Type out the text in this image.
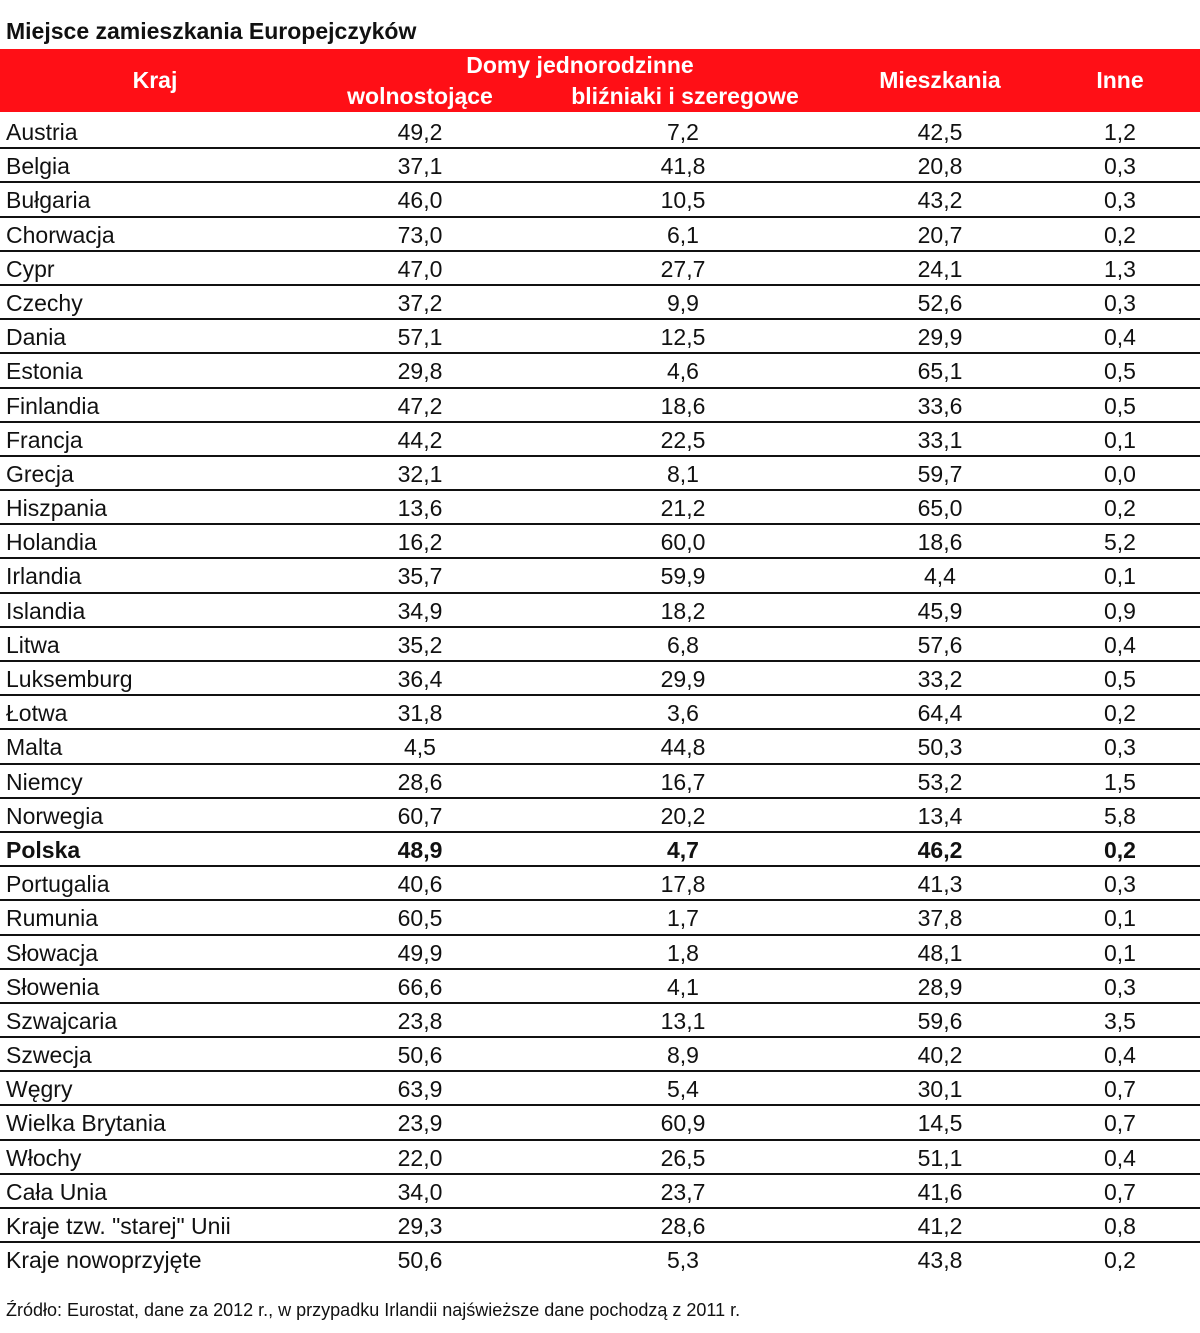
Miejsce zamieszkania Europejczyków
Kraj
Domy jednorodzinne
wolnostojące	bliźniaki i szeregowe
Mieszkania	Inne
Austria	49,2	7,2	42,5	1,2
Belgia	37,1	41,8	20,8	0,3
Bułgaria	46,0	10,5	43,2	0,3
Chorwacja	73,0	6,1	20,7	0,2
Cypr	47,0	27,7	24,1	1,3
Czechy	37,2	9,9	52,6	0,3
Dania	57,1	12,5	29,9	0,4
Estonia	29,8	4,6	65,1	0,5
Finlandia	47,2	18,6	33,6	0,5
Francja	44,2	22,5	33,1	0,1
Grecja	32,1	8,1	59,7	0,0
Hiszpania	13,6	21,2	65,0	0,2
Holandia	16,2	60,0	18,6	5,2
Irlandia	35,7	59,9	4,4	0,1
Islandia	34,9	18,2	45,9	0,9
Litwa	35,2	6,8	57,6	0,4
Luksemburg	36,4	29,9	33,2	0,5
Łotwa	31,8	3,6	64,4	0,2
Malta	4,5	44,8	50,3	0,3
Niemcy	28,6	16,7	53,2	1,5
Norwegia	60,7	20,2	13,4	5,8
Polska	48,9	4,7	46,2	0,2
Portugalia	40,6	17,8	41,3	0,3
Rumunia	60,5	1,7	37,8	0,1
Słowacja	49,9	1,8	48,1	0,1
Słowenia	66,6	4,1	28,9	0,3
Szwajcaria	23,8	13,1	59,6	3,5
Szwecja	50,6	8,9	40,2	0,4
Węgry	63,9	5,4	30,1	0,7
Wielka Brytania	23,9	60,9	14,5	0,7
Włochy	22,0	26,5	51,1	0,4
Cała Unia	34,0	23,7	41,6	0,7
Kraje tzw. "starej" Unii	29,3	28,6	41,2	0,8
Kraje nowoprzyjęte	50,6	5,3	43,8	0,2
Źródło: Eurostat, dane za 2012 r., w przypadku Irlandii najświeższe dane pochodzą z 2011 r.
